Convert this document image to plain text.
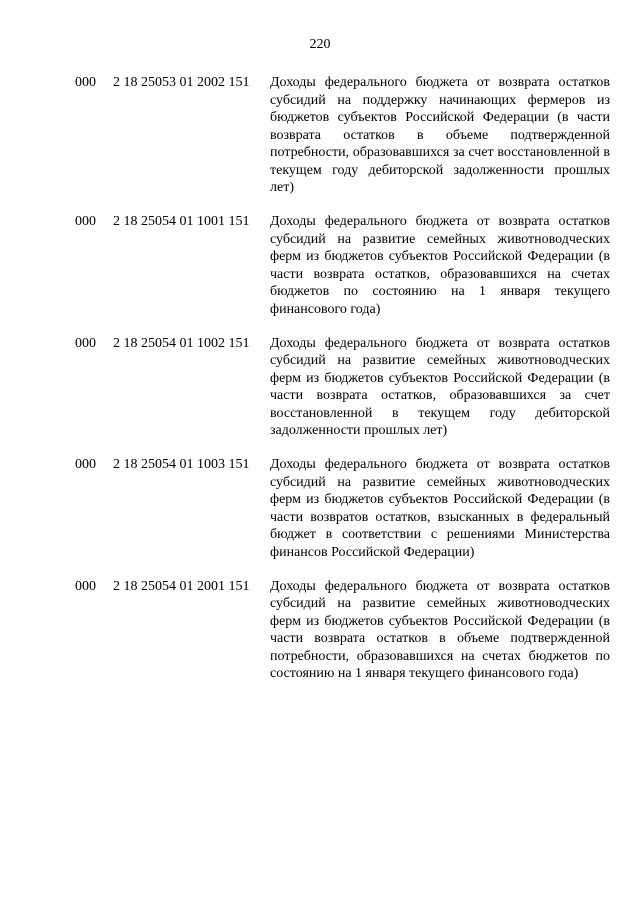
220
000 2 18 25053 01 2002 151 Доходы федерального бюджета от возврата остатков субсидий на поддержку начинающих фермеров из бюджетов субъектов Российской Федерации (в части возврата остатков в объеме подтвержденной потребности, образовавшихся за счет восстановленной в текущем году дебиторской задолженности прошлых лет)
000 2 18 25054 01 1001 151 Доходы федерального бюджета от возврата остатков субсидий на развитие семейных животноводческих ферм из бюджетов субъектов Российской Федерации (в части возврата остатков, образовавшихся на счетах бюджетов по состоянию на 1 января текущего финансового года)
000 2 18 25054 01 1002 151 Доходы федерального бюджета от возврата остатков субсидий на развитие семейных животноводческих ферм из бюджетов субъектов Российской Федерации (в части возврата остатков, образовавшихся за счет восстановленной в текущем году дебиторской задолженности прошлых лет)
000 2 18 25054 01 1003 151 Доходы федерального бюджета от возврата остатков субсидий на развитие семейных животноводческих ферм из бюджетов субъектов Российской Федерации (в части возвратов остатков, взысканных в федеральный бюджет в соответствии с решениями Министерства финансов Российской Федерации)
000 2 18 25054 01 2001 151 Доходы федерального бюджета от возврата остатков субсидий на развитие семейных животноводческих ферм из бюджетов субъектов Российской Федерации (в части возврата остатков в объеме подтвержденной потребности, образовавшихся на счетах бюджетов по состоянию на 1 января текущего финансового года)
